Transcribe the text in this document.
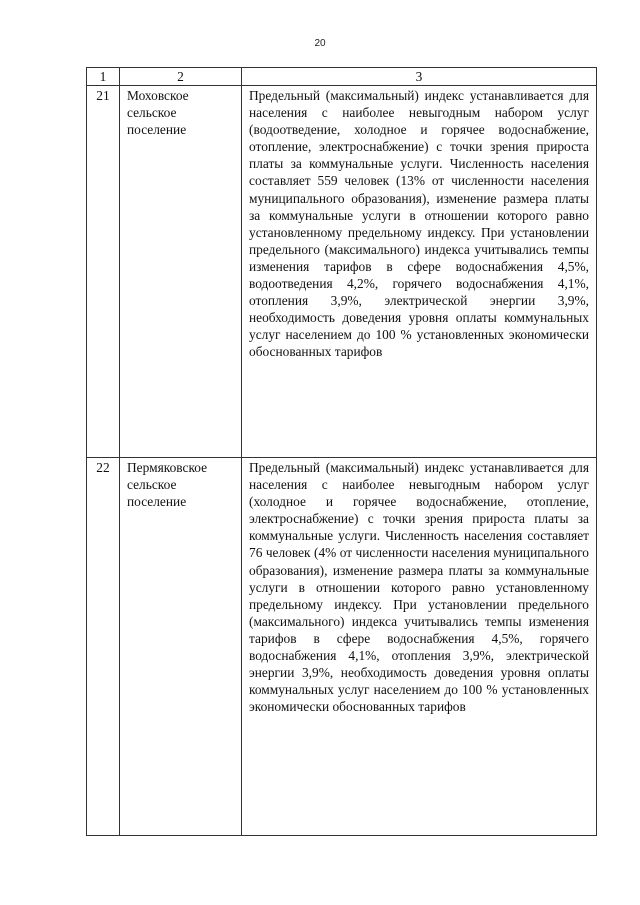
20
1	2	3
21	Моховское сельское поселение	Предельный (максимальный) индекс устанавливается для населения с наиболее невыгодным набором услуг (водоотведение, холодное и горячее водоснабжение, отопление, электроснабжение) с точки зрения прироста платы за коммунальные услуги. Численность населения составляет 559 человек (13% от численности населения муниципального образования), изменение размера платы за коммунальные услуги в отношении которого равно установленному предельному индексу. При установлении предельного (максимального) индекса учитывались темпы изменения тарифов в сфере водоснабжения 4,5%, водоотведения 4,2%, горячего водоснабжения 4,1%, отопления 3,9%, электрической энергии 3,9%, необходимость доведения уровня оплаты коммунальных услуг населением до 100 % установленных экономически обоснованных тарифов
22	Пермяковское сельское поселение	Предельный (максимальный) индекс устанавливается для населения с наиболее невыгодным набором услуг (холодное и горячее водоснабжение, отопление, электроснабжение) с точки зрения прироста платы за коммунальные услуги. Численность населения составляет 76 человек (4% от численности населения муниципального образования), изменение размера платы за коммунальные услуги в отношении которого равно установленному предельному индексу. При установлении предельного (максимального) индекса учитывались темпы изменения тарифов в сфере водоснабжения 4,5%, горячего водоснабжения 4,1%, отопления 3,9%, электрической энергии 3,9%, необходимость доведения уровня оплаты коммунальных услуг населением до 100 % установленных экономически обоснованных тарифов
